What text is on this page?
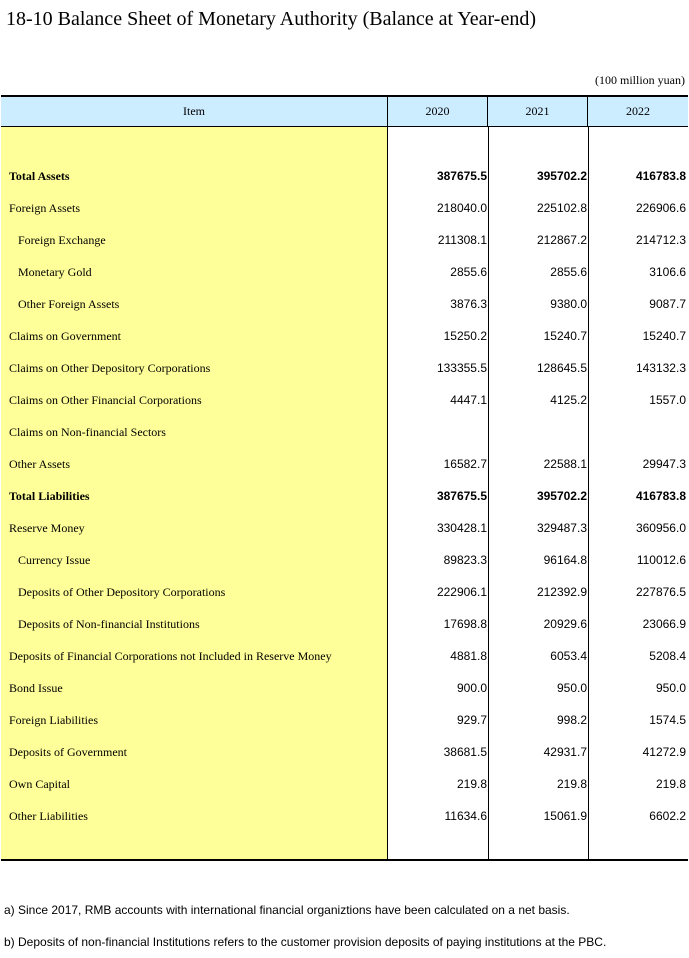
18-10 Balance Sheet of Monetary Authority (Balance at Year-end)
(100 million yuan)
Item	2020	2021	2022
Total Assets	387675.5	395702.2	416783.8
Foreign Assets	218040.0	225102.8	226906.6
Foreign Exchange	211308.1	212867.2	214712.3
Monetary Gold	2855.6	2855.6	3106.6
Other Foreign Assets	3876.3	9380.0	9087.7
Claims on Government	15250.2	15240.7	15240.7
Claims on Other Depository Corporations	133355.5	128645.5	143132.3
Claims on Other Financial Corporations	4447.1	4125.2	1557.0
Claims on Non-financial Sectors
Other Assets	16582.7	22588.1	29947.3
Total Liabilities	387675.5	395702.2	416783.8
Reserve Money	330428.1	329487.3	360956.0
Currency Issue	89823.3	96164.8	110012.6
Deposits of Other Depository Corporations	222906.1	212392.9	227876.5
Deposits of Non-financial Institutions	17698.8	20929.6	23066.9
Deposits of Financial Corporations not Included in Reserve Money	4881.8	6053.4	5208.4
Bond Issue	900.0	950.0	950.0
Foreign Liabilities	929.7	998.2	1574.5
Deposits of Government	38681.5	42931.7	41272.9
Own Capital	219.8	219.8	219.8
Other Liabilities	11634.6	15061.9	6602.2
a) Since 2017, RMB accounts with international financial organiztions have been calculated on a net basis.
b) Deposits of non-financial Institutions refers to the customer provision deposits of paying institutions at the PBC.
